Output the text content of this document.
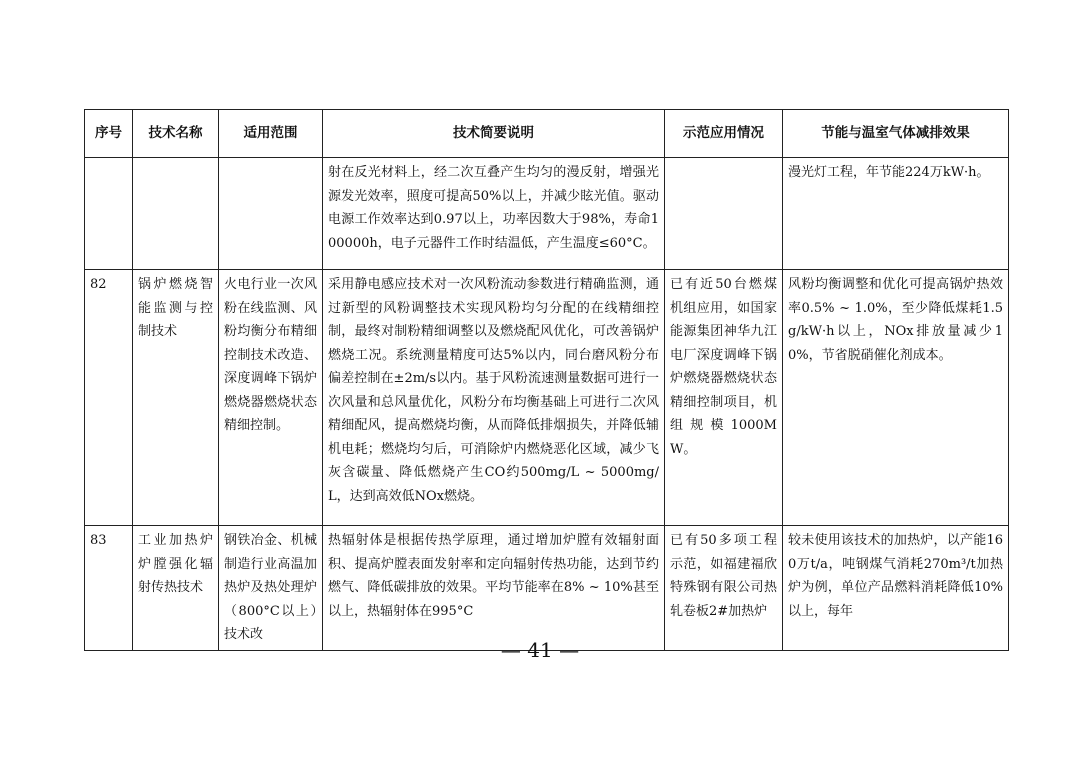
序号	技术名称	适用范围	技术简要说明	示范应用情况	节能与温室气体减排效果
			射在反光材料上，经二次互叠产生均匀的漫反射，增强光源发光效率，照度可提高50%以上，并减少眩光值。驱动电源工作效率达到0.97以上，功率因数大于98%，寿命100000h，电子元器件工作时结温低，产生温度≤60°C。		漫光灯工程，年节能224万kW·h。
82	锅炉燃烧智能监测与控制技术	火电行业一次风粉在线监测、风粉均衡分布精细控制技术改造、深度调峰下锅炉燃烧器燃烧状态精细控制。	采用静电感应技术对一次风粉流动参数进行精确监测，通过新型的风粉调整技术实现风粉均匀分配的在线精细控制，最终对制粉精细调整以及燃烧配风优化，可改善锅炉燃烧工况。系统测量精度可达5%以内，同台磨风粉分布偏差控制在±2m/s以内。基于风粉流速测量数据可进行一次风量和总风量优化，风粉分布均衡基础上可进行二次风精细配风，提高燃烧均衡，从而降低排烟损失，并降低辅机电耗；燃烧均匀后，可消除炉内燃烧恶化区域，减少飞灰含碳量、降低燃烧产生CO约500mg/L ~ 5000mg/L，达到高效低NOx燃烧。	已有近50台燃煤机组应用，如国家能源集团神华九江电厂深度调峰下锅炉燃烧器燃烧状态精细控制项目，机组规模1000MW。	风粉均衡调整和优化可提高锅炉热效率0.5% ~ 1.0%，至少降低煤耗1.5g/kW·h以上，NOx排放量减少10%，节省脱硝催化剂成本。
83	工业加热炉炉膛强化辐射传热技术	钢铁冶金、机械制造行业高温加热炉及热处理炉（800°C以上）技术改	热辐射体是根据传热学原理，通过增加炉膛有效辐射面积、提高炉膛表面发射率和定向辐射传热功能，达到节约燃气、降低碳排放的效果。平均节能率在8% ~ 10%甚至以上，热辐射体在995°C	已有50多项工程示范，如福建福欣特殊钢有限公司热轧卷板2#加热炉	较未使用该技术的加热炉，以产能160万t/a，吨钢煤气消耗270m³/t加热炉为例，单位产品燃料消耗降低10%以上，每年
— 41 —
